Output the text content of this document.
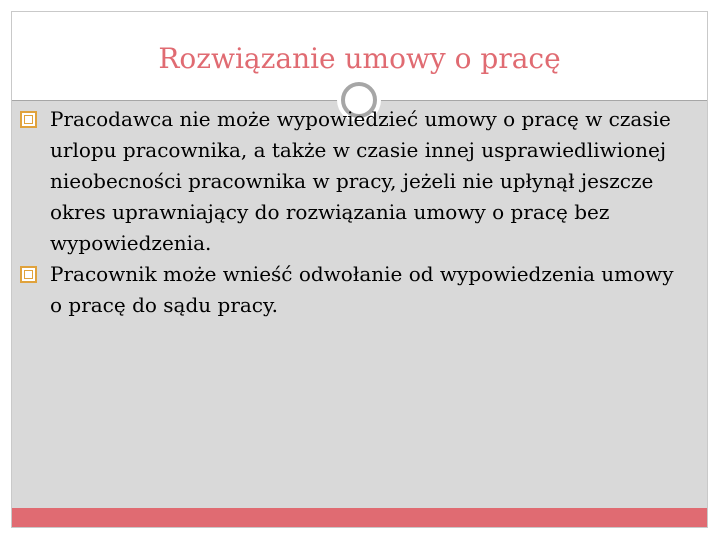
Rozwiązanie umowy o pracę
Pracodawca nie może wypowiedzieć umowy o pracę w czasie urlopu pracownika, a także w czasie innej usprawiedliwionej nieobecności pracownika w pracy, jeżeli nie upłynął jeszcze okres uprawniający do rozwiązania umowy o pracę bez wypowiedzenia.
Pracownik może wnieść odwołanie od wypowiedzenia umowy o pracę do sądu pracy.
